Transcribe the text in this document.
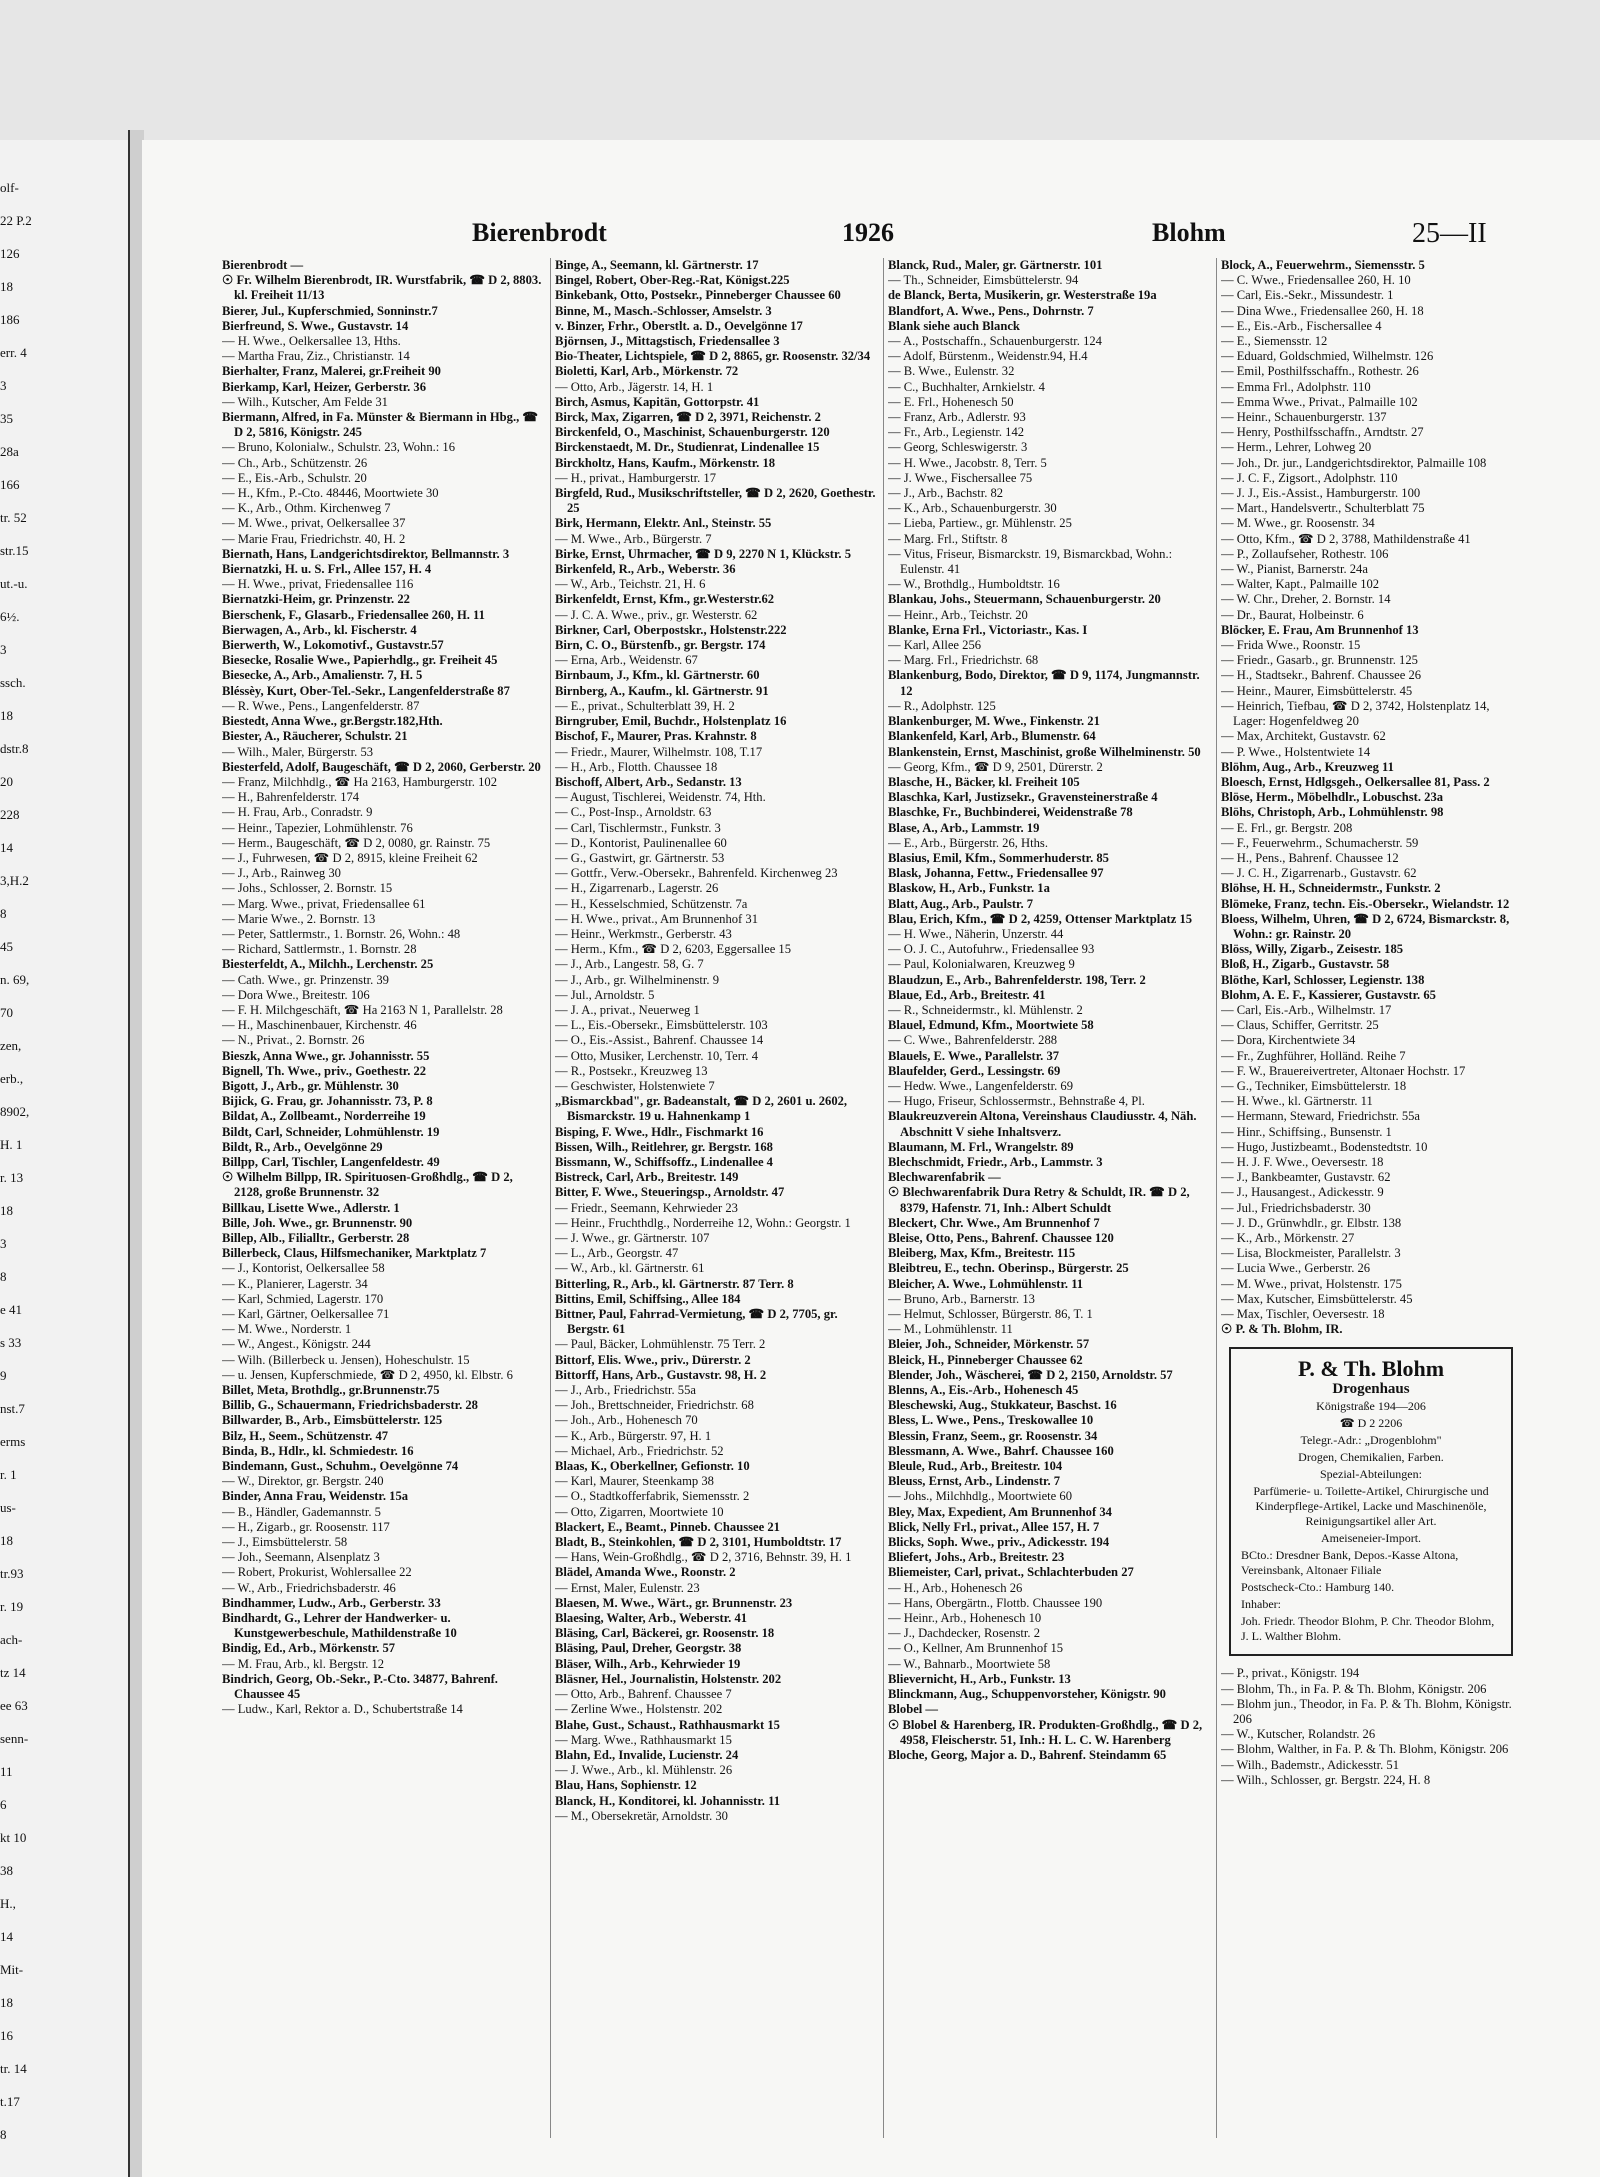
olf-
22 P.2
126
18
186
err. 4
3
35
28a
166
tr. 52
str.15
ut.-u.
6½.
3
ssch.
18
dstr.8
20
228
14
3,H.2
8
45
n. 69,
70
zen,
erb.,
8902,
H. 1
r. 13
18
3
8
e 41
s 33
9
nst.7
erms
r. 1
us-
18
tr.93
r. 19
ach-
tz 14
ee 63
senn-
11
6
kt 10
38
H.,
14
Mit-
18
16
tr. 14
t.17
8
Bierenbrodt	1926	Blohm	25—II

Bierenbrodt —

☉ Fr. Wilhelm Bierenbrodt, IR. Wurstfabrik, ☎ D 2, 8803. kl. Freiheit 11/13

Bierer, Jul., Kupferschmied, Sonninstr.7

Bierfreund, S. Wwe., Gustavstr. 14

— H. Wwe., Oelkersallee 13, Hths.

— Martha Frau, Ziz., Christianstr. 14

Bierhalter, Franz, Malerei, gr.Freiheit 90

Bierkamp, Karl, Heizer, Gerberstr. 36

— Wilh., Kutscher, Am Felde 31

Biermann, Alfred, in Fa. Münster & Biermann in Hbg., ☎ D 2, 5816, Königstr. 245

— Bruno, Kolonialw., Schulstr. 23, Wohn.: 16

— Ch., Arb., Schützenstr. 26

— E., Eis.-Arb., Schulstr. 20

— H., Kfm., P.-Cto. 48446, Moortwiete 30

— K., Arb., Othm. Kirchenweg 7

— M. Wwe., privat, Oelkersallee 37

— Marie Frau, Friedrichstr. 40, H. 2

Biernath, Hans, Landgerichtsdirektor, Bellmannstr. 3

Biernatzki, H. u. S. Frl., Allee 157, H. 4

— H. Wwe., privat, Friedensallee 116

Biernatzki-Heim, gr. Prinzenstr. 22

Bierschenk, F., Glasarb., Friedensallee 260, H. 11

Bierwagen, A., Arb., kl. Fischerstr. 4

Bierwerth, W., Lokomotivf., Gustavstr.57

Biesecke, Rosalie Wwe., Papierhdlg., gr. Freiheit 45

Biesecke, A., Arb., Amalienstr. 7, H. 5

Bléssèy, Kurt, Ober-Tel.-Sekr., Langenfelderstraße 87

— R. Wwe., Pens., Langenfelderstr. 87

Biestedt, Anna Wwe., gr.Bergstr.182,Hth.

Biester, A., Räucherer, Schulstr. 21

— Wilh., Maler, Bürgerstr. 53

Biesterfeld, Adolf, Baugeschäft, ☎ D 2, 2060, Gerberstr. 20

— Franz, Milchhdlg., ☎ Ha 2163, Hamburgerstr. 102

— H., Bahrenfelderstr. 174

— H. Frau, Arb., Conradstr. 9

— Heinr., Tapezier, Lohmühlenstr. 76

— Herm., Baugeschäft, ☎ D 2, 0080, gr. Rainstr. 75

— J., Fuhrwesen, ☎ D 2, 8915, kleine Freiheit 62

— J., Arb., Rainweg 30

— Johs., Schlosser, 2. Bornstr. 15

— Marg. Wwe., privat, Friedensallee 61

— Marie Wwe., 2. Bornstr. 13

— Peter, Sattlermstr., 1. Bornstr. 26, Wohn.: 48

— Richard, Sattlermstr., 1. Bornstr. 28

Biesterfeldt, A., Milchh., Lerchenstr. 25

— Cath. Wwe., gr. Prinzenstr. 39

— Dora Wwe., Breitestr. 106

— F. H. Milchgeschäft, ☎ Ha 2163 N 1, Parallelstr. 28

— H., Maschinenbauer, Kirchenstr. 46

— N., Privat., 2. Bornstr. 26

Bieszk, Anna Wwe., gr. Johannisstr. 55

Bignell, Th. Wwe., priv., Goethestr. 22

Bigott, J., Arb., gr. Mühlenstr. 30

Bijick, G. Frau, gr. Johannisstr. 73, P. 8

Bildat, A., Zollbeamt., Norderreihe 19

Bildt, Carl, Schneider, Lohmühlenstr. 19

Bildt, R., Arb., Oevelgönne 29

Billpp, Carl, Tischler, Langenfeldestr. 49

☉ Wilhelm Billpp, IR. Spirituosen-Großhdlg., ☎ D 2, 2128, große Brunnenstr. 32

Billkau, Lisette Wwe., Adlerstr. 1

Bille, Joh. Wwe., gr. Brunnenstr. 90

Billep, Alb., Filialltr., Gerberstr. 28

Billerbeck, Claus, Hilfsmechaniker, Marktplatz 7

— J., Kontorist, Oelkersallee 58

— K., Planierer, Lagerstr. 34

— Karl, Schmied, Lagerstr. 170

— Karl, Gärtner, Oelkersallee 71

— M. Wwe., Norderstr. 1

— W., Angest., Königstr. 244

— Wilh. (Billerbeck u. Jensen), Hoheschulstr. 15

— u. Jensen, Kupferschmiede, ☎ D 2, 4950, kl. Elbstr. 6

Billet, Meta, Brothdlg., gr.Brunnenstr.75

Billib, G., Schauermann, Friedrichsbaderstr. 28

Billwarder, B., Arb., Eimsbüttelerstr. 125

Bilz, H., Seem., Schützenstr. 47

Binda, B., Hdlr., kl. Schmiedestr. 16

Bindemann, Gust., Schuhm., Oevelgönne 74

— W., Direktor, gr. Bergstr. 240

Binder, Anna Frau, Weidenstr. 15a

— B., Händler, Gademannstr. 5

— H., Zigarb., gr. Roosenstr. 117

— J., Eimsbüttelerstr. 58

— Joh., Seemann, Alsenplatz 3

— Robert, Prokurist, Wohlersallee 22

— W., Arb., Friedrichsbaderstr. 46

Bindhammer, Ludw., Arb., Gerberstr. 33

Bindhardt, G., Lehrer der Handwerker- u. Kunstgewerbeschule, Mathildenstraße 10

Bindig, Ed., Arb., Mörkenstr. 57

— M. Frau, Arb., kl. Bergstr. 12

Bindrich, Georg, Ob.-Sekr., P.-Cto. 34877, Bahrenf. Chaussee 45

— Ludw., Karl, Rektor a. D., Schubertstraße 14

Binge, A., Seemann, kl. Gärtnerstr. 17

Bingel, Robert, Ober-Reg.-Rat, Königst.225

Binkebank, Otto, Postsekr., Pinneberger Chaussee 60

Binne, M., Masch.-Schlosser, Amselstr. 3

v. Binzer, Frhr., Oberstlt. a. D., Oevelgönne 17

Björnsen, J., Mittagstisch, Friedensallee 3

Bio-Theater, Lichtspiele, ☎ D 2, 8865, gr. Roosenstr. 32/34

Bioletti, Karl, Arb., Mörkenstr. 72

— Otto, Arb., Jägerstr. 14, H. 1

Birch, Asmus, Kapitän, Gottorpstr. 41

Birck, Max, Zigarren, ☎ D 2, 3971, Reichenstr. 2

Birckenfeld, O., Maschinist, Schauenburgerstr. 120

Birckenstaedt, M. Dr., Studienrat, Lindenallee 15

Birckholtz, Hans, Kaufm., Mörkenstr. 18

— H., privat., Hamburgerstr. 17

Birgfeld, Rud., Musikschriftsteller, ☎ D 2, 2620, Goethestr. 25

Birk, Hermann, Elektr. Anl., Steinstr. 55

— M. Wwe., Arb., Bürgerstr. 7

Birke, Ernst, Uhrmacher, ☎ D 9, 2270 N 1, Klückstr. 5

Birkenfeld, R., Arb., Weberstr. 36

— W., Arb., Teichstr. 21, H. 6

Birkenfeldt, Ernst, Kfm., gr.Westerstr.62

— J. C. A. Wwe., priv., gr. Westerstr. 62

Birkner, Carl, Oberpostskr., Holstenstr.222

Birn, C. O., Bürstenfb., gr. Bergstr. 174

— Erna, Arb., Weidenstr. 67

Birnbaum, J., Kfm., kl. Gärtnerstr. 60

Birnberg, A., Kaufm., kl. Gärtnerstr. 91

— E., privat., Schulterblatt 39, H. 2

Birngruber, Emil, Buchdr., Holstenplatz 16

Bischof, F., Maurer, Pras. Krahnstr. 8

— Friedr., Maurer, Wilhelmstr. 108, T.17

— H., Arb., Flotth. Chaussee 18

Bischoff, Albert, Arb., Sedanstr. 13

— August, Tischlerei, Weidenstr. 74, Hth.

— C., Post-Insp., Arnoldstr. 63

— Carl, Tischlermstr., Funkstr. 3

— D., Kontorist, Paulinenallee 60

— G., Gastwirt, gr. Gärtnerstr. 53

— Gottfr., Verw.-Obersekr., Bahrenfeld. Kirchenweg 23

— H., Zigarrenarb., Lagerstr. 26

— H., Kesselschmied, Schützenstr. 7a

— H. Wwe., privat., Am Brunnenhof 31

— Heinr., Werkmstr., Gerberstr. 43

— Herm., Kfm., ☎ D 2, 6203, Eggersallee 15

— J., Arb., Langestr. 58, G. 7

— J., Arb., gr. Wilhelminenstr. 9

— Jul., Arnoldstr. 5

— J. A., privat., Neuerweg 1

— L., Eis.-Obersekr., Eimsbüttelerstr. 103

— O., Eis.-Assist., Bahrenf. Chaussee 14

— Otto, Musiker, Lerchenstr. 10, Terr. 4

— R., Postsekr., Kreuzweg 13

— Geschwister, Holstenwiete 7

„Bismarckbad", gr. Badeanstalt, ☎ D 2, 2601 u. 2602, Bismarckstr. 19 u. Hahnenkamp 1

Bisping, F. Wwe., Hdlr., Fischmarkt 16

Bissen, Wilh., Reitlehrer, gr. Bergstr. 168

Bissmann, W., Schiffsoffz., Lindenallee 4

Bistreck, Carl, Arb., Breitestr. 149

Bitter, F. Wwe., Steueringsp., Arnoldstr. 47

— Friedr., Seemann, Kehrwieder 23

— Heinr., Fruchthdlg., Norderreihe 12, Wohn.: Georgstr. 1

— J. Wwe., gr. Gärtnerstr. 107

— L., Arb., Georgstr. 47

— W., Arb., kl. Gärtnerstr. 61

Bitterling, R., Arb., kl. Gärtnerstr. 87 Terr. 8

Bittins, Emil, Schiffsing., Allee 184

Bittner, Paul, Fahrrad-Vermietung, ☎ D 2, 7705, gr. Bergstr. 61

— Paul, Bäcker, Lohmühlenstr. 75 Terr. 2

Bittorf, Elis. Wwe., priv., Dürerstr. 2

Bittorff, Hans, Arb., Gustavstr. 98, H. 2

— J., Arb., Friedrichstr. 55a

— Joh., Brettschneider, Friedrichstr. 68

— Joh., Arb., Hohenesch 70

— K., Arb., Bürgerstr. 97, H. 1

— Michael, Arb., Friedrichstr. 52

Blaas, K., Oberkellner, Gefionstr. 10

— Karl, Maurer, Steenkamp 38

— O., Stadtkofferfabrik, Siemensstr. 2

— Otto, Zigarren, Moortwiete 10

Blackert, E., Beamt., Pinneb. Chaussee 21

Bladt, B., Steinkohlen, ☎ D 2, 3101, Humboldtstr. 17

— Hans, Wein-Großhdlg., ☎ D 2, 3716, Behnstr. 39, H. 1

Blädel, Amanda Wwe., Roonstr. 2

— Ernst, Maler, Eulenstr. 23

Blaesen, M. Wwe., Wärt., gr. Brunnenstr. 23

Blaesing, Walter, Arb., Weberstr. 41

Bläsing, Carl, Bäckerei, gr. Roosenstr. 18

Bläsing, Paul, Dreher, Georgstr. 38

Bläser, Wilh., Arb., Kehrwieder 19

Bläsner, Hel., Journalistin, Holstenstr. 202

— Otto, Arb., Bahrenf. Chaussee 7

— Zerline Wwe., Holstenstr. 202

Blahe, Gust., Schaust., Rathhausmarkt 15

— Marg. Wwe., Rathhausmarkt 15

Blahn, Ed., Invalide, Lucienstr. 24

— J. Wwe., Arb., kl. Mühlenstr. 26

Blau, Hans, Sophienstr. 12

Blanck, H., Konditorei, kl. Johannisstr. 11

— M., Obersekretär, Arnoldstr. 30

Blanck, Rud., Maler, gr. Gärtnerstr. 101

— Th., Schneider, Eimsbüttelerstr. 94

de Blanck, Berta, Musikerin, gr. Westerstraße 19a

Blandfort, A. Wwe., Pens., Dohrnstr. 7

Blank siehe auch Blanck

— A., Postschaffn., Schauenburgerstr. 124

— Adolf, Bürstenm., Weidenstr.94, H.4

— B. Wwe., Eulenstr. 32

— C., Buchhalter, Arnkielstr. 4

— E. Frl., Hohenesch 50

— Franz, Arb., Adlerstr. 93

— Fr., Arb., Legienstr. 142

— Georg, Schleswigerstr. 3

— H. Wwe., Jacobstr. 8, Terr. 5

— J. Wwe., Fischersallee 75

— J., Arb., Bachstr. 82

— K., Arb., Schauenburgerstr. 30

— Lieba, Partiew., gr. Mühlenstr. 25

— Marg. Frl., Stiftstr. 8

— Vitus, Friseur, Bismarckstr. 19, Bismarckbad, Wohn.: Eulenstr. 41

— W., Brothdlg., Humboldtstr. 16

Blankau, Johs., Steuermann, Schauenburgerstr. 20

— Heinr., Arb., Teichstr. 20

Blanke, Erna Frl., Victoriastr., Kas. I

— Karl, Allee 256

— Marg. Frl., Friedrichstr. 68

Blankenburg, Bodo, Direktor, ☎ D 9, 1174, Jungmannstr. 12

— R., Adolphstr. 125

Blankenburger, M. Wwe., Finkenstr. 21

Blankenfeld, Karl, Arb., Blumenstr. 64

Blankenstein, Ernst, Maschinist, große Wilhelminenstr. 50

— Georg, Kfm., ☎ D 9, 2501, Dürerstr. 2

Blasche, H., Bäcker, kl. Freiheit 105

Blaschka, Karl, Justizsekr., Gravensteinerstraße 4

Blaschke, Fr., Buchbinderei, Weidenstraße 78

Blase, A., Arb., Lammstr. 19

— E., Arb., Bürgerstr. 26, Hths.

Blasius, Emil, Kfm., Sommerhuderstr. 85

Blask, Johanna, Fettw., Friedensallee 97

Blaskow, H., Arb., Funkstr. 1a

Blatt, Aug., Arb., Paulstr. 7

Blau, Erich, Kfm., ☎ D 2, 4259, Ottenser Marktplatz 15

— H. Wwe., Näherin, Unzerstr. 44

— O. J. C., Autofuhrw., Friedensallee 93

— Paul, Kolonialwaren, Kreuzweg 9

Blaudzun, E., Arb., Bahrenfelderstr. 198, Terr. 2

Blaue, Ed., Arb., Breitestr. 41

— R., Schneidermstr., kl. Mühlenstr. 2

Blauel, Edmund, Kfm., Moortwiete 58

— C. Wwe., Bahrenfelderstr. 288

Blauels, E. Wwe., Parallelstr. 37

Blaufelder, Gerd., Lessingstr. 69

— Hedw. Wwe., Langenfelderstr. 69

— Hugo, Friseur, Schlossermstr., Behnstraße 4, Pl.

Blaukreuzverein Altona, Vereinshaus Claudiusstr. 4, Näh. Abschnitt V siehe Inhaltsverz.

Blaumann, M. Frl., Wrangelstr. 89

Blechschmidt, Friedr., Arb., Lammstr. 3

Blechwarenfabrik —

☉ Blechwarenfabrik Dura Retry & Schuldt, IR. ☎ D 2, 8379, Hafenstr. 71, Inh.: Albert Schuldt

Bleckert, Chr. Wwe., Am Brunnenhof 7

Bleise, Otto, Pens., Bahrenf. Chaussee 120

Bleiberg, Max, Kfm., Breitestr. 115

Bleibtreu, E., techn. Oberinsp., Bürgerstr. 25

Bleicher, A. Wwe., Lohmühlenstr. 11

— Bruno, Arb., Barnerstr. 13

— Helmut, Schlosser, Bürgerstr. 86, T. 1

— M., Lohmühlenstr. 11

Bleier, Joh., Schneider, Mörkenstr. 57

Bleick, H., Pinneberger Chaussee 62

Blender, Joh., Wäscherei, ☎ D 2, 2150, Arnoldstr. 57

Blenns, A., Eis.-Arb., Hohenesch 45

Bleschewski, Aug., Stukkateur, Baschst. 16

Bless, L. Wwe., Pens., Treskowallee 10

Blessin, Franz, Seem., gr. Roosenstr. 34

Blessmann, A. Wwe., Bahrf. Chaussee 160

Bleule, Rud., Arb., Breitestr. 104

Bleuss, Ernst, Arb., Lindenstr. 7

— Johs., Milchhdlg., Moortwiete 60

Bley, Max, Expedient, Am Brunnenhof 34

Blick, Nelly Frl., privat., Allee 157, H. 7

Blicks, Soph. Wwe., priv., Adickesstr. 194

Bliefert, Johs., Arb., Breitestr. 23

Bliemeister, Carl, privat., Schlachterbuden 27

— H., Arb., Hohenesch 26

— Hans, Obergärtn., Flottb. Chaussee 190

— Heinr., Arb., Hohenesch 10

— J., Dachdecker, Rosenstr. 2

— O., Kellner, Am Brunnenhof 15

— W., Bahnarb., Moortwiete 58

Blievernicht, H., Arb., Funkstr. 13

Blinckmann, Aug., Schuppenvorsteher, Königstr. 90

Blobel —

☉ Blobel & Harenberg, IR. Produkten-Großhdlg., ☎ D 2, 4958, Fleischerstr. 51, Inh.: H. L. C. W. Harenberg

Bloche, Georg, Major a. D., Bahrenf. Steindamm 65

Block, A., Feuerwehrm., Siemensstr. 5

— C. Wwe., Friedensallee 260, H. 10

— Carl, Eis.-Sekr., Missundestr. 1

— Dina Wwe., Friedensallee 260, H. 18

— E., Eis.-Arb., Fischersallee 4

— E., Siemensstr. 12

— Eduard, Goldschmied, Wilhelmstr. 126

— Emil, Posthilfsschaffn., Rothestr. 26

— Emma Frl., Adolphstr. 110

— Emma Wwe., Privat., Palmaille 102

— Heinr., Schauenburgerstr. 137

— Henry, Posthilfsschaffn., Arndtstr. 27

— Herm., Lehrer, Lohweg 20

— Joh., Dr. jur., Landgerichtsdirektor, Palmaille 108

— J. C. F., Zigsort., Adolphstr. 110

— J. J., Eis.-Assist., Hamburgerstr. 100

— Mart., Handelsvertr., Schulterblatt 75

— M. Wwe., gr. Roosenstr. 34

— Otto, Kfm., ☎ D 2, 3788, Mathildenstraße 41

— P., Zollaufseher, Rothestr. 106

— W., Pianist, Barnerstr. 24a

— Walter, Kapt., Palmaille 102

— W. Chr., Dreher, 2. Bornstr. 14

— Dr., Baurat, Holbeinstr. 6

Blöcker, E. Frau, Am Brunnenhof 13

— Frida Wwe., Roonstr. 15

— Friedr., Gasarb., gr. Brunnenstr. 125

— H., Stadtsekr., Bahrenf. Chaussee 26

— Heinr., Maurer, Eimsbüttelerstr. 45

— Heinrich, Tiefbau, ☎ D 2, 3742, Holstenplatz 14, Lager: Hogenfeldweg 20

— Max, Architekt, Gustavstr. 62

— P. Wwe., Holstentwiete 14

Blöhm, Aug., Arb., Kreuzweg 11

Bloesch, Ernst, Hdlgsgeh., Oelkersallee 81, Pass. 2

Blöse, Herm., Möbelhdlr., Lobuschst. 23a

Blöhs, Christoph, Arb., Lohmühlenstr. 98

— E. Frl., gr. Bergstr. 208

— F., Feuerwehrm., Schumacherstr. 59

— H., Pens., Bahrenf. Chaussee 12

— J. C. H., Zigarrenarb., Gustavstr. 62

Blöhse, H. H., Schneidermstr., Funkstr. 2

Blömeke, Franz, techn. Eis.-Obersekr., Wielandstr. 12

Bloess, Wilhelm, Uhren, ☎ D 2, 6724, Bismarckstr. 8, Wohn.: gr. Rainstr. 20

Blöss, Willy, Zigarb., Zeisestr. 185

Bloß, H., Zigarb., Gustavstr. 58

Blöthe, Karl, Schlosser, Legienstr. 138

Blohm, A. E. F., Kassierer, Gustavstr. 65

— Carl, Eis.-Arb., Wilhelmstr. 17

— Claus, Schiffer, Gerritstr. 25

— Dora, Kirchentwiete 34

— Fr., Zughführer, Holländ. Reihe 7

— F. W., Brauereivertreter, Altonaer Hochstr. 17

— G., Techniker, Eimsbüttelerstr. 18

— H. Wwe., kl. Gärtnerstr. 11

— Hermann, Steward, Friedrichstr. 55a

— Hinr., Schiffsing., Bunsenstr. 1

— Hugo, Justizbeamt., Bodenstedtstr. 10

— H. J. F. Wwe., Oeversestr. 18

— J., Bankbeamter, Gustavstr. 62

— J., Hausangest., Adickesstr. 9

— Jul., Friedrichsbaderstr. 30

— J. D., Grünwhdlr., gr. Elbstr. 138

— K., Arb., Mörkenstr. 27

— Lisa, Blockmeister, Parallelstr. 3

— Lucia Wwe., Gerberstr. 26

— M. Wwe., privat, Holstenstr. 175

— Max, Kutscher, Eimsbüttelerstr. 45

— Max, Tischler, Oeversestr. 18

☉ P. & Th. Blohm, IR.

P. & Th. Blohm
Drogenhaus
Königstraße 194—206
☎ D 2 2206
Telegr.-Adr.: „Drogenblohm"
Drogen, Chemikalien, Farben.
Spezial-Abteilungen:
Parfümerie- u. Toilette-Artikel, Chirurgische und Kinderpflege-Artikel, Lacke und Maschinenöle, Reinigungsartikel aller Art.
Ameiseneier-Import.
BCto.: Dresdner Bank, Depos.-Kasse Altona, Vereinsbank, Altonaer Filiale
Postscheck-Cto.: Hamburg 140.
Inhaber:
Joh. Friedr. Theodor Blohm, P. Chr. Theodor Blohm, J. L. Walther Blohm.

— P., privat., Königstr. 194

— Blohm, Th., in Fa. P. & Th. Blohm, Königstr. 206

— Blohm jun., Theodor, in Fa. P. & Th. Blohm, Königstr. 206

— W., Kutscher, Rolandstr. 26

— Blohm, Walther, in Fa. P. & Th. Blohm, Königstr. 206

— Wilh., Bademstr., Adickesstr. 51

— Wilh., Schlosser, gr. Bergstr. 224, H. 8
